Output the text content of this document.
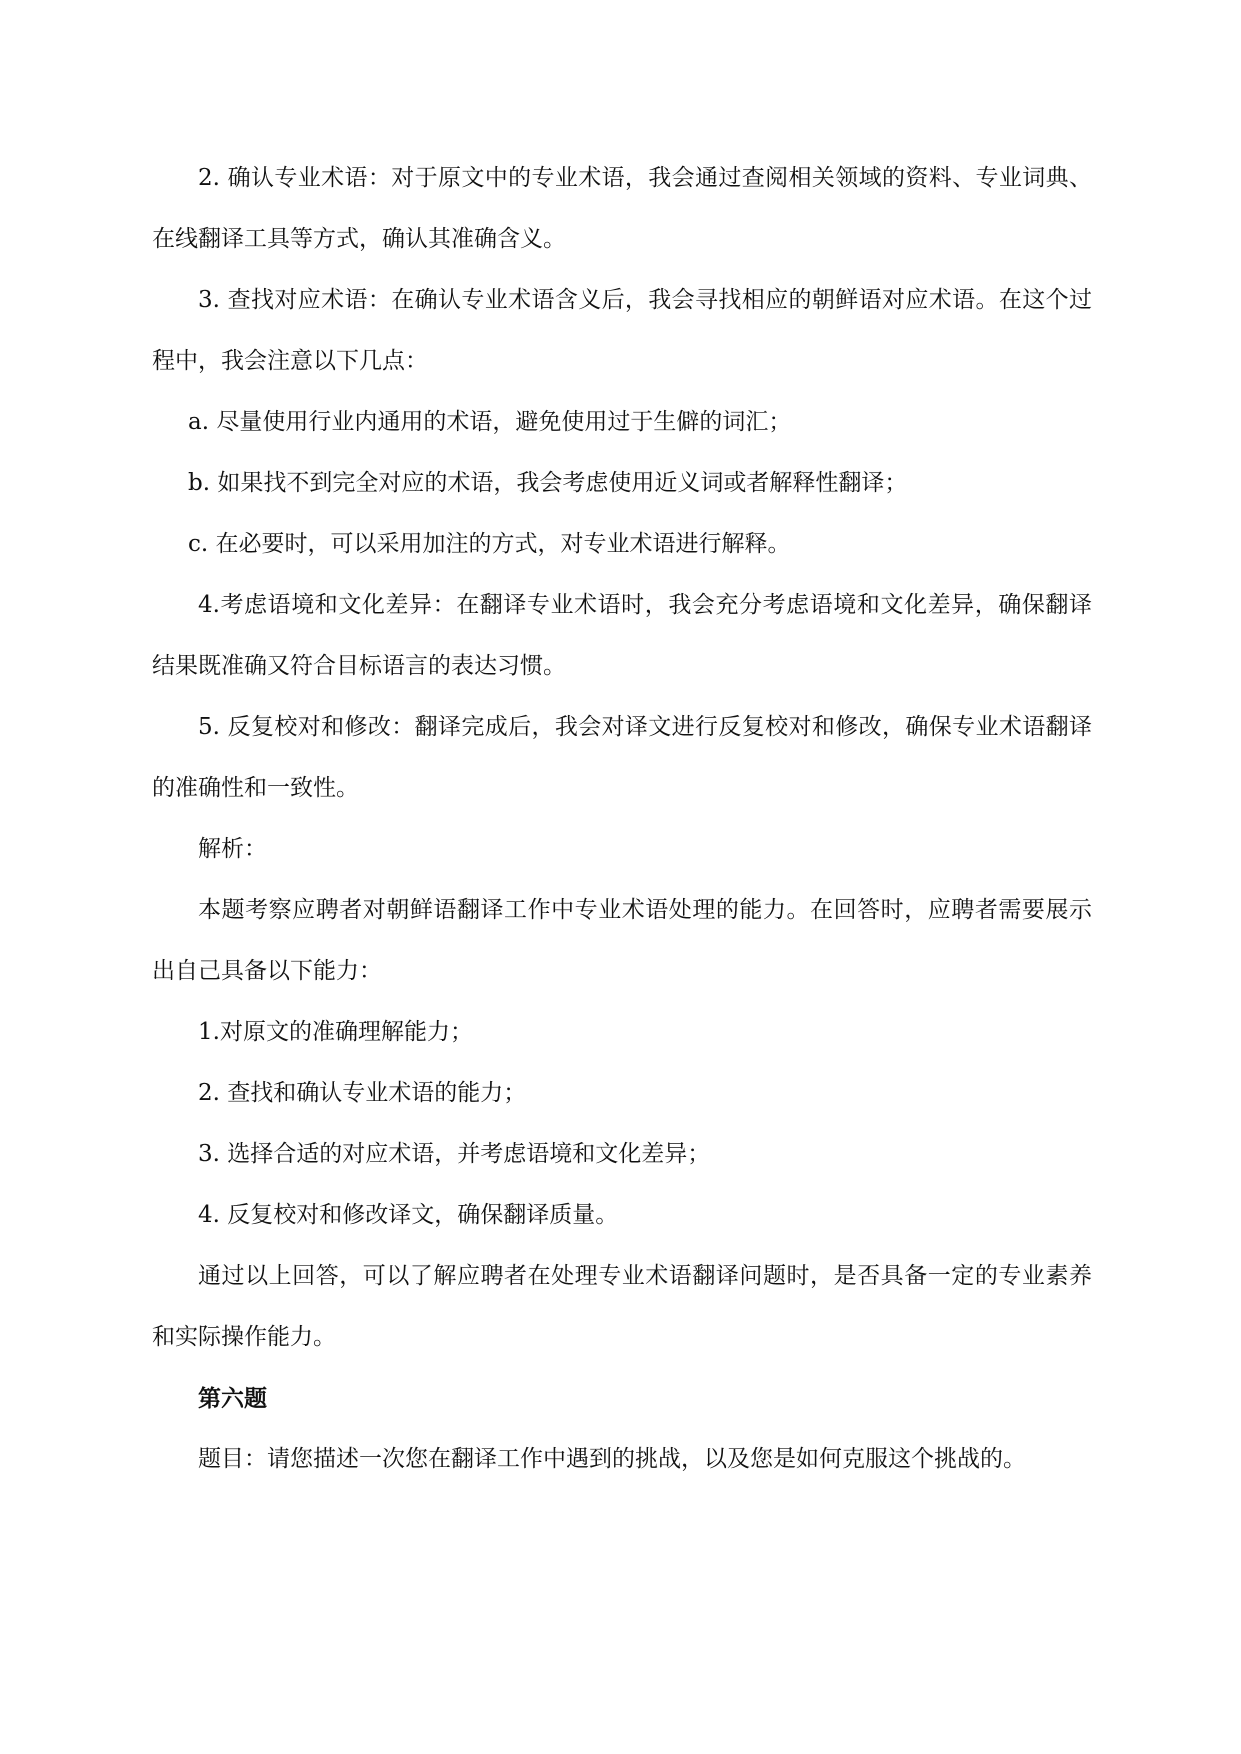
2. 确认专业术语：对于原文中的专业术语，我会通过查阅相关领域的资料、专业词典、在线翻译工具等方式，确认其准确含义。

3. 查找对应术语：在确认专业术语含义后，我会寻找相应的朝鲜语对应术语。在这个过程中，我会注意以下几点：

a. 尽量使用行业内通用的术语，避免使用过于生僻的词汇；

b. 如果找不到完全对应的术语，我会考虑使用近义词或者解释性翻译；

c. 在必要时，可以采用加注的方式，对专业术语进行解释。

4.考虑语境和文化差异：在翻译专业术语时，我会充分考虑语境和文化差异，确保翻译结果既准确又符合目标语言的表达习惯。

5. 反复校对和修改：翻译完成后，我会对译文进行反复校对和修改，确保专业术语翻译的准确性和一致性。

解析：

本题考察应聘者对朝鲜语翻译工作中专业术语处理的能力。在回答时，应聘者需要展示出自己具备以下能力：

1.对原文的准确理解能力；

2. 查找和确认专业术语的能力；

3. 选择合适的对应术语，并考虑语境和文化差异；

4. 反复校对和修改译文，确保翻译质量。

通过以上回答，可以了解应聘者在处理专业术语翻译问题时，是否具备一定的专业素养和实际操作能力。

第六题

题目：请您描述一次您在翻译工作中遇到的挑战，以及您是如何克服这个挑战的。
